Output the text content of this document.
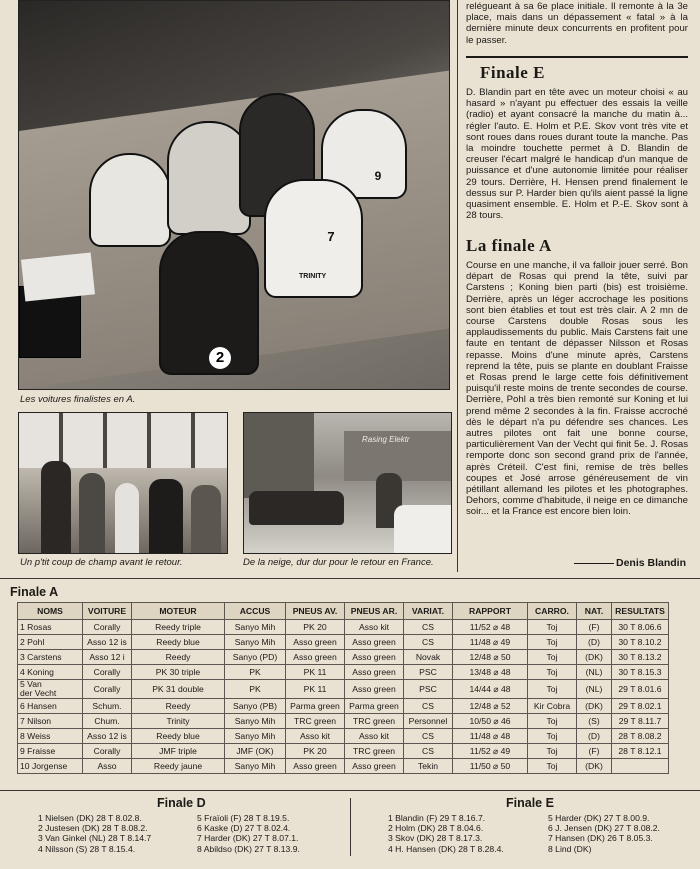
2
7
9
TRINITY
Les voitures finalistes en A.
Un p'tit coup de champ avant le retour.
Rasing Elektr
De la neige, dur dur pour le retour en France.
relégueant à sa 6e place initiale. Il remonte à la 3e place, mais dans un dépassement « fatal » à la dernière minute deux concurrents en profitent pour le passer.
Finale E
D. Blandin part en tête avec un moteur choisi « au hasard » n'ayant pu effectuer des essais la veille (radio) et ayant consacré la manche du matin à... régler l'auto. E. Holm et P.E. Skov vont très vite et sont roues dans roues durant toute la manche. Pas la moindre touchette permet à D. Blandin de creuser l'écart malgré le handicap d'un manque de puissance et d'une autonomie limitée pour réaliser 29 tours. Derrière, H. Hensen prend finalement le dessus sur P. Harder bien qu'ils aient passé la ligne quasiment ensemble. E. Holm et P.-E. Skov sont à 28 tours.
La finale A
Course en une manche, il va falloir jouer serré. Bon départ de Rosas qui prend la tête, suivi par Carstens ; Koning bien parti (bis) est troisième. Derrière, après un léger accrochage les positions sont bien établies et tout est très clair. A 2 mn de course Carstens double Rosas sous les applaudissements du public. Mais Carstens fait une faute en tentant de dépasser Nilsson et Rosas repasse. Moins d'une minute après, Carstens reprend la tête, puis se plante en doublant Fraisse et Rosas prend le large cette fois définitivement puisqu'il reste moins de trente secondes de course. Derrière, Pohl a très bien remonté sur Koning et lui prend même 2 secondes à la fin. Fraisse accroché dès le départ n'a pu défendre ses chances. Les autres pilotes ont fait une bonne course, particulièrement Van der Vecht qui finit 5e. J. Rosas remporte donc son second grand prix de l'année, après Créteil. C'est fini, remise de très belles coupes et José arrose généreusement de vin pétillant allemand les pilotes et les photographes. Dehors, comme d'habitude, il neige en ce dimanche soir... et la France est encore bien loin.
Denis Blandin
Finale A
NOMS	VOITURE	MOTEUR	ACCUS	PNEUS AV.	PNEUS AR.	VARIAT.	RAPPORT	CARRO.	NAT.	RESULTATS
1 Rosas	Corally	Reedy triple	Sanyo Mih	PK 20	Asso kit	CS	11/52 ⌀ 48	Toj	(F)	30 T 8.06.6
2 Pohl	Asso 12 is	Reedy blue	Sanyo Mih	Asso green	Asso green	CS	11/48 ⌀ 49	Toj	(D)	30 T 8.10.2
3 Carstens	Asso 12 i	Reedy	Sanyo (PD)	Asso green	Asso green	Novak	12/48 ⌀ 50	Toj	(DK)	30 T 8.13.2
4 Koning	Corally	PK 30 triple	PK	PK 11	Asso green	PSC	13/48 ⌀ 48	Toj	(NL)	30 T 8.15.3
5 Van
der Vecht	Corally	PK 31 double	PK	PK 11	Asso green	PSC	14/44 ⌀ 48	Toj	(NL)	29 T 8.01.6
6 Hansen	Schum.	Reedy	Sanyo (PB)	Parma green	Parma green	CS	12/48 ⌀ 52	Kir Cobra	(DK)	29 T 8.02.1
7 Nilson	Chum.	Trinity	Sanyo Mih	TRC green	TRC green	Personnel	10/50 ⌀ 46	Toj	(S)	29 T 8.11.7
8 Weiss	Asso 12 is	Reedy blue	Sanyo Mih	Asso kit	Asso kit	CS	11/48 ⌀ 48	Toj	(D)	28 T 8.08.2
9 Fraisse	Corally	JMF triple	JMF (OK)	PK 20	TRC green	CS	11/52 ⌀ 49	Toj	(F)	28 T 8.12.1
10 Jorgense	Asso	Reedy jaune	Sanyo Mih	Asso green	Asso green	Tekin	11/50 ⌀ 50	Toj	(DK)	
Finale D
1 Nielsen (DK) 28 T 8.02.8.
2 Justesen (DK) 28 T 8.08.2.
3 Van Ginkel (NL) 28 T 8.14.7
4 Nilsson (S) 28 T 8.15.4.
5 Fraïoli (F) 28 T 8.19.5.
6 Kaske (D) 27 T 8.02.4.
7 Harder (DK) 27 T 8.07.1.
8 Abildso (DK) 27 T 8.13.9.
Finale E
1 Blandin (F) 29 T 8.16.7.
2 Holm (DK) 28 T 8.04.6.
3 Skov (DK) 28 T 8.17.3.
4 H. Hansen (DK) 28 T 8.28.4.
5 Harder (DK) 27 T 8.00.9.
6 J. Jensen (DK) 27 T 8.08.2.
7 Hansen (DK) 26 T 8.05.3.
8 Lind (DK)
